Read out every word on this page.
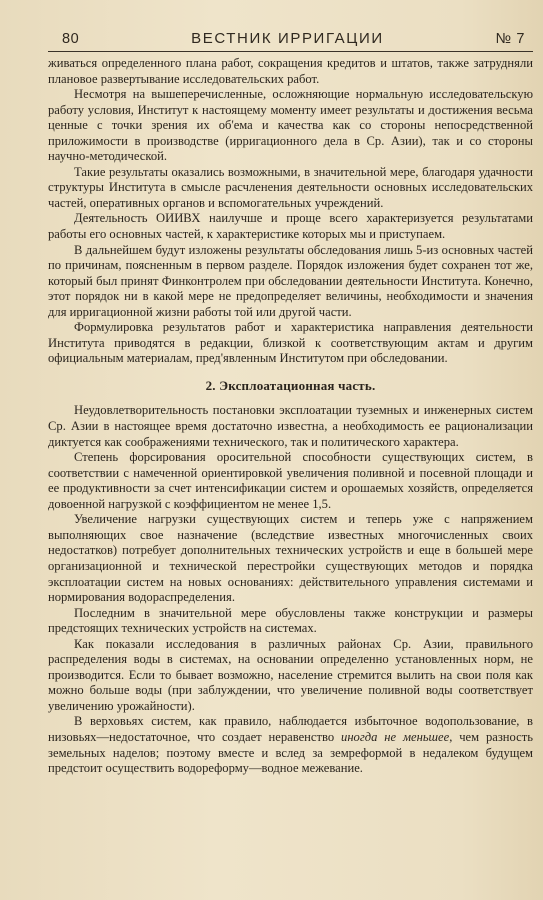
80	ВЕСТНИК ИРРИГАЦИИ	№ 7

живаться определенного плана работ, сокращения кредитов и штатов, также затрудняли плановое развертывание исследовательских работ.

Несмотря на вышеперечисленные, осложняющие нормальную исследовательскую работу условия, Институт к настоящему моменту имеет результаты и достижения весьма ценные с точки зрения их об'ема и качества как со стороны непосредственной приложимости в производстве (ирригационного дела в Ср. Азии), так и со стороны научно-методической.

Такие результаты оказались возможными, в значительной мере, благодаря удачности структуры Института в смысле расчленения деятельности основных исследовательских частей, оперативных органов и вспомогательных учреждений.

Деятельность ОИИВХ наилучше и проще всего характеризуется результатами работы его основных частей, к характеристике которых мы и приступаем.

В дальнейшем будут изложены результаты обследования лишь 5-из основных частей по причинам, поясненным в первом разделе. Порядок изложения будет сохранен тот же, который был принят Финконтролем при обследовании деятельности Института. Конечно, этот порядок ни в какой мере не предопределяет величины, необходимости и значения для ирригационной жизни работы той или другой части.

Формулировка результатов работ и характеристика направления деятельности Института приводятся в редакции, близкой к соответствующим актам и другим официальным материалам, пред'явленным Институтом при обследовании.

2. Эксплоатационная часть.

Неудовлетворительность постановки эксплоатации туземных и инженерных систем Ср. Азии в настоящее время достаточно известна, а необходимость ее рационализации диктуется как соображениями технического, так и политического характера.

Степень форсирования оросительной способности существующих систем, в соответствии с намеченной ориентировкой увеличения поливной и посевной площади и ее продуктивности за счет интенсификации систем и орошаемых хозяйств, определяется довоенной нагрузкой с коэффициентом не менее 1,5.

Увеличение нагрузки существующих систем и теперь уже с напряжением выполняющих свое назначение (вследствие известных многочисленных своих недостатков) потребует дополнительных технических устройств и еще в большей мере организационной и технической перестройки существующих методов и порядка эксплоатации систем на новых основаниях: действительного управления системами и нормирования водораспределения.

Последним в значительной мере обусловлены также конструкции и размеры предстоящих технических устройств на системах.

Как показали исследования в различных районах Ср. Азии, правильного распределения воды в системах, на основании определенно установленных норм, не производится. Если то бывает возможно, население стремится вылить на свои поля как можно больше воды (при заблуждении, что увеличение поливной воды соответствует увеличению урожайности).

В верховьях систем, как правило, наблюдается избыточное водопользование, в низовьях—недостаточное, что создает неравенство иногда не меньшее, чем разность земельных наделов; поэтому вместе и вслед за земреформой в недалеком будущем предстоит осуществить водореформу—водное межевание.
